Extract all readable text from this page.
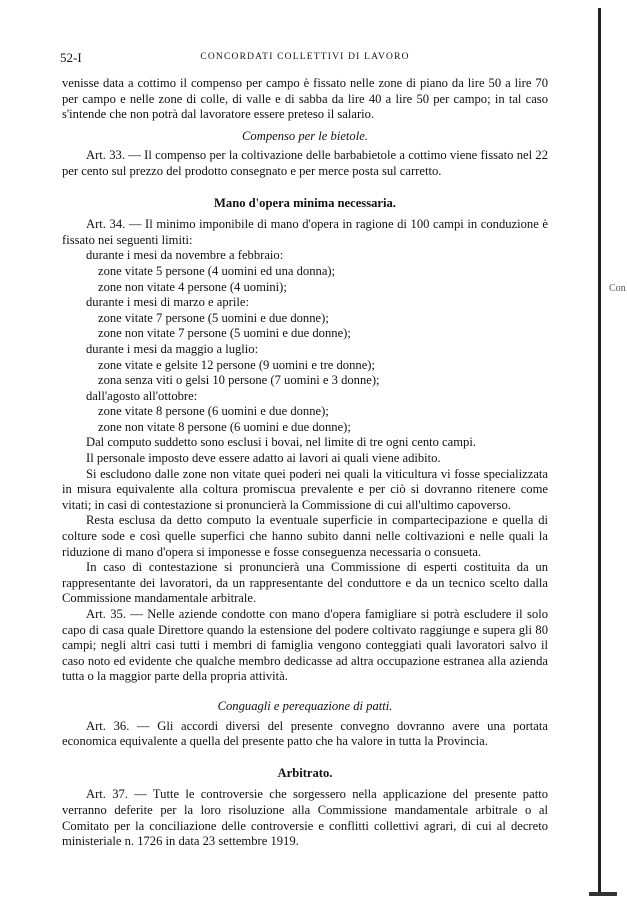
52-I	CONCORDATI COLLETTIVI DI LAVORO
Con

venisse data a cottimo il compenso per campo è fissato nelle zone di piano da lire 50 a lire 70 per campo e nelle zone di colle, di valle e di sabba da lire 40 a lire 50 per campo; in tal caso s'intende che non potrà dal lavoratore essere preteso il salario.

Compenso per le bietole.

Art. 33. — Il compenso per la coltivazione delle barbabietole a cottimo viene fissato nel 22 per cento sul prezzo del prodotto consegnato e per merce posta sul carretto.

Mano d'opera minima necessaria.

Art. 34. — Il minimo imponibile di mano d'opera in ragione di 100 campi in conduzione è fissato nei seguenti limiti:

durante i mesi da novembre a febbraio:

zone vitate 5 persone (4 uomini ed una donna);

zone non vitate 4 persone (4 uomini);

durante i mesi di marzo e aprile:

zone vitate 7 persone (5 uomini e due donne);

zone non vitate 7 persone (5 uomini e due donne);

durante i mesi da maggio a luglio:

zone vitate e gelsite 12 persone (9 uomini e tre donne);

zona senza viti o gelsi 10 persone (7 uomini e 3 donne);

dall'agosto all'ottobre:

zone vitate 8 persone (6 uomini e due donne);

zone non vitate 8 persone (6 uomini e due donne);

Dal computo suddetto sono esclusi i bovai, nel limite di tre ogni cento campi.

Il personale imposto deve essere adatto ai lavori ai quali viene adibito.

Si escludono dalle zone non vitate quei poderi nei quali la viticultura vi fosse specializzata in misura equivalente alla coltura promiscua prevalente e per ciò si dovranno ritenere come vitati; in casi di contestazione si pronuncierà la Commissione di cui all'ultimo capoverso.

Resta esclusa da detto computo la eventuale superficie in compartecipazione e quella di colture sode e così quelle superfici che hanno subito danni nelle coltivazioni e nelle quali la riduzione di mano d'opera si imponesse e fosse conseguenza necessaria o consueta.

In caso di contestazione si pronuncierà una Commissione di esperti costituita da un rappresentante dei lavoratori, da un rappresentante del conduttore e da un tecnico scelto dalla Commissione mandamentale arbitrale.

Art. 35. — Nelle aziende condotte con mano d'opera famigliare si potrà escludere il solo capo di casa quale Direttore quando la estensione del podere coltivato raggiunge e supera gli 80 campi; negli altri casi tutti i membri di famiglia vengono conteggiati quali lavoratori salvo il caso noto ed evidente che qualche membro dedicasse ad altra occupazione estranea alla azienda tutta o la maggior parte della propria attività.

Conguagli e perequazione di patti.

Art. 36. — Gli accordi diversi del presente convegno dovranno avere una portata economica equivalente a quella del presente patto che ha valore in tutta la Provincia.

Arbitrato.

Art. 37. — Tutte le controversie che sorgessero nella applicazione del presente patto verranno deferite per la loro risoluzione alla Commissione mandamentale arbitrale o al Comitato per la conciliazione delle controversie e conflitti collettivi agrari, di cui al decreto ministeriale n. 1726 in data 23 settembre 1919.
